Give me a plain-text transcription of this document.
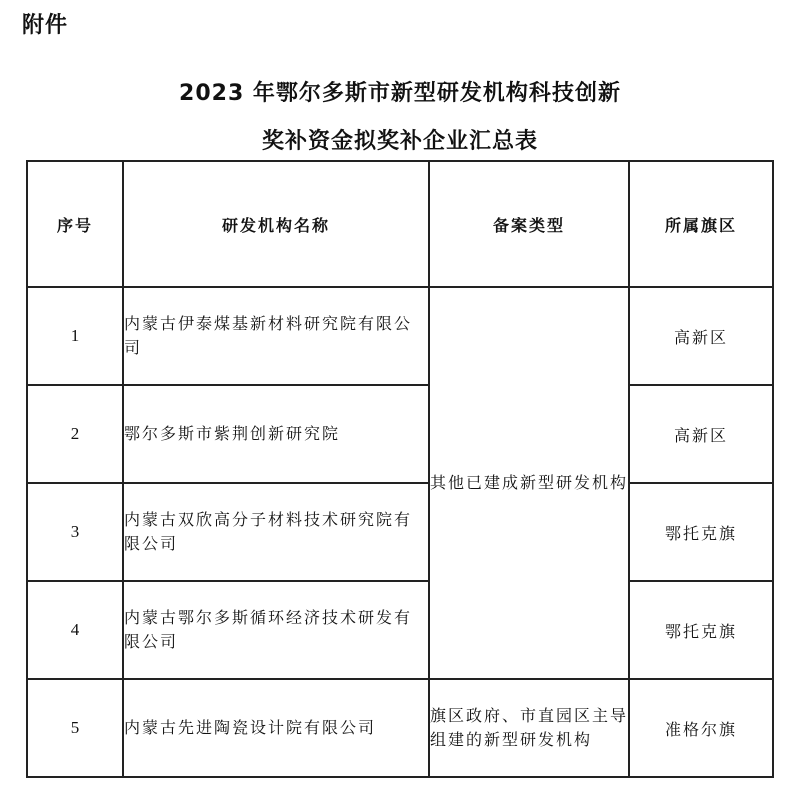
附件
2023 年鄂尔多斯市新型研发机构科技创新
奖补资金拟奖补企业汇总表
序号	研发机构名称	备案类型	所属旗区
1	内蒙古伊泰煤基新材料研究院有限公司	其他已建成新型研发机构	高新区
2	鄂尔多斯市紫荆创新研究院		高新区
3	内蒙古双欣高分子材料技术研究院有限公司		鄂托克旗
4	内蒙古鄂尔多斯循环经济技术研发有限公司		鄂托克旗
5	内蒙古先进陶瓷设计院有限公司	旗区政府、市直园区主导组建的新型研发机构	准格尔旗
